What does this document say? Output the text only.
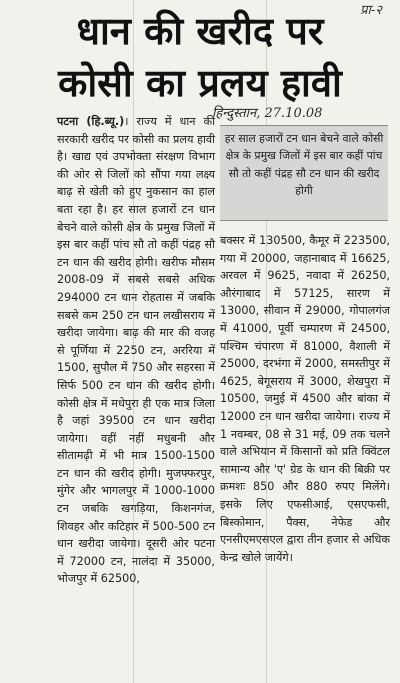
प्रा-२
धान की खरीद पर
कोसी का प्रलय हावी
हिन्दुस्तान, 27.10.08
पटना (हि.ब्यू.)। राज्य में धान की सरकारी खरीद पर कोसी का प्रलय हावी है। खाद्य एवं उपभोक्ता संरक्षण विभाग की ओर से जिलों को सौंपा गया लक्ष्य बाढ़ से खेती को हुए नुकसान का हाल बता रहा है। हर साल हजारों टन धान बेचने वाले कोसी क्षेत्र के प्रमुख जिलों में इस बार कहीं पांच सौ तो कहीं पंद्रह सौ टन धान की खरीद होगी। खरीफ मौसम 2008-09 में सबसे सबसे अधिक 294000 टन धान रोहतास में जबकि सबसे कम 250 टन धान लखीसराय में खरीदा जायेगा। बाढ़ की मार की वजह से पूर्णिया में 2250 टन, अररिया में 1500, सुपौल में 750 और सहरसा में सिर्फ 500 टन धान की खरीद होगी। कोसी क्षेत्र में मधेपुरा ही एक मात्र जिला है जहां 39500 टन धान खरीदा जायेगा। वहीं नहीं मधुबनी और सीतामढ़ी में भी मात्र 1500-1500 टन धान की खरीद होगी। मुजफ्फरपुर, मुंगेर और भागलपुर में 1000-1000 टन जबकि खगड़िया, किशनगंज, शिवहर और कटिहार में 500-500 टन धान खरीदा जायेगा। दूसरी ओर पटना में 72000 टन, नालंदा में 35000, भोजपुर में 62500,
हर साल हजारों टन धान बेचने वाले कोसी क्षेत्र के प्रमुख जिलों में इस बार कहीं पांच सौ तो कहीं पंद्रह सौ टन धान की खरीद होगी
बक्सर में 130500, कैमूर में 223500, गया में 20000, जहानाबाद में 16625, अरवल में 9625, नवादा में 26250, औरंगाबाद में 57125, सारण में 13000, सीवान में 29000, गोपालगंज में 41000, पूर्वी चम्पारण में 24500, पश्चिम चंपारण में 81000, वैशाली में 25000, दरभंगा में 2000, समस्तीपुर में 4625, बेगूसराय में 3000, शेखपुरा में 10500, जमुई में 4500 और बांका में 12000 टन धान खरीदा जायेगा। राज्य में 1 नवम्बर, 08 से 31 मई, 09 तक चलने वाले अभियान में किसानों को प्रति क्विंटल सामान्य और 'ए' ग्रेड के धान की बिक्री पर क्रमशः 850 और 880 रुपए मिलेंगे। इसके लिए एफसीआई, एसएफसी, बिस्कोमान, पैक्स, नेफेड और एनसीएमएसएल द्वारा तीन हजार से अधिक केन्द्र खोले जायेंगे।
